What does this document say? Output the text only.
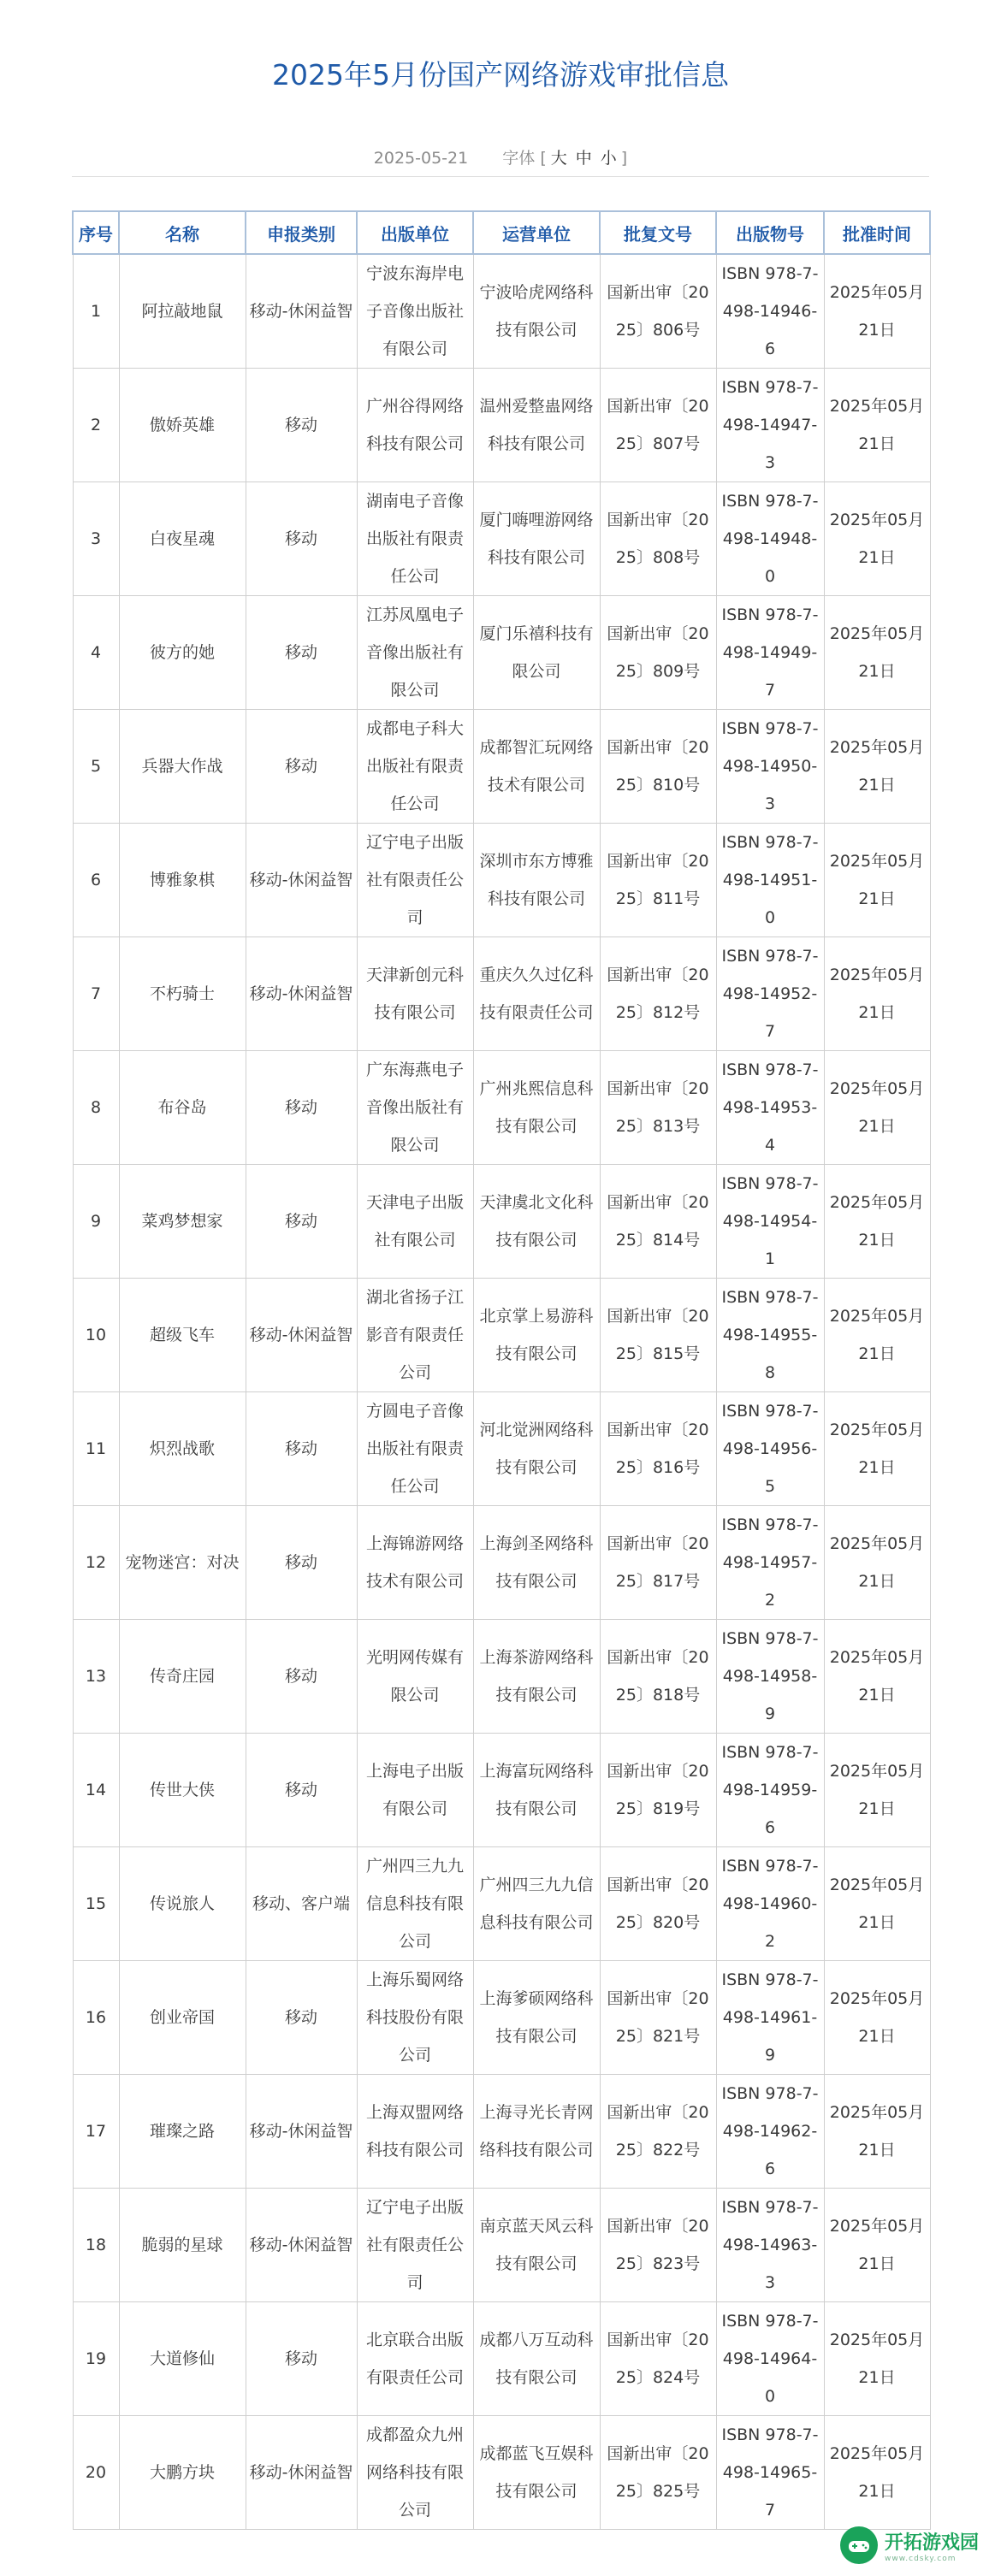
2025年5月份国产网络游戏审批信息
2025-05-21 字体 [ 大 中 小 ]
序号	名称	申报类别	出版单位	运营单位	批复文号	出版物号	批准时间
1	阿拉敲地鼠	移动-休闲益智	宁波东海岸电子音像出版社有限公司	宁波哈虎网络科技有限公司	国新出审〔2025〕806号	ISBN 978-7-498-14946-6	2025年05月21日
2	傲娇英雄	移动	广州谷得网络科技有限公司	温州爱整蛊网络科技有限公司	国新出审〔2025〕807号	ISBN 978-7-498-14947-3	2025年05月21日
3	白夜星魂	移动	湖南电子音像出版社有限责任公司	厦门嗨哩游网络科技有限公司	国新出审〔2025〕808号	ISBN 978-7-498-14948-0	2025年05月21日
4	彼方的她	移动	江苏凤凰电子音像出版社有限公司	厦门乐禧科技有限公司	国新出审〔2025〕809号	ISBN 978-7-498-14949-7	2025年05月21日
5	兵器大作战	移动	成都电子科大出版社有限责任公司	成都智汇玩网络技术有限公司	国新出审〔2025〕810号	ISBN 978-7-498-14950-3	2025年05月21日
6	博雅象棋	移动-休闲益智	辽宁电子出版社有限责任公司	深圳市东方博雅科技有限公司	国新出审〔2025〕811号	ISBN 978-7-498-14951-0	2025年05月21日
7	不朽骑士	移动-休闲益智	天津新创元科技有限公司	重庆久久过亿科技有限责任公司	国新出审〔2025〕812号	ISBN 978-7-498-14952-7	2025年05月21日
8	布谷岛	移动	广东海燕电子音像出版社有限公司	广州兆熙信息科技有限公司	国新出审〔2025〕813号	ISBN 978-7-498-14953-4	2025年05月21日
9	菜鸡梦想家	移动	天津电子出版社有限公司	天津虞北文化科技有限公司	国新出审〔2025〕814号	ISBN 978-7-498-14954-1	2025年05月21日
10	超级飞车	移动-休闲益智	湖北省扬子江影音有限责任公司	北京掌上易游科技有限公司	国新出审〔2025〕815号	ISBN 978-7-498-14955-8	2025年05月21日
11	炽烈战歌	移动	方圆电子音像出版社有限责任公司	河北觉洲网络科技有限公司	国新出审〔2025〕816号	ISBN 978-7-498-14956-5	2025年05月21日
12	宠物迷宫：对决	移动	上海锦游网络技术有限公司	上海剑圣网络科技有限公司	国新出审〔2025〕817号	ISBN 978-7-498-14957-2	2025年05月21日
13	传奇庄园	移动	光明网传媒有限公司	上海茶游网络科技有限公司	国新出审〔2025〕818号	ISBN 978-7-498-14958-9	2025年05月21日
14	传世大侠	移动	上海电子出版有限公司	上海富玩网络科技有限公司	国新出审〔2025〕819号	ISBN 978-7-498-14959-6	2025年05月21日
15	传说旅人	移动、客户端	广州四三九九信息科技有限公司	广州四三九九信息科技有限公司	国新出审〔2025〕820号	ISBN 978-7-498-14960-2	2025年05月21日
16	创业帝国	移动	上海乐蜀网络科技股份有限公司	上海爹硕网络科技有限公司	国新出审〔2025〕821号	ISBN 978-7-498-14961-9	2025年05月21日
17	璀璨之路	移动-休闲益智	上海双盟网络科技有限公司	上海寻光长青网络科技有限公司	国新出审〔2025〕822号	ISBN 978-7-498-14962-6	2025年05月21日
18	脆弱的星球	移动-休闲益智	辽宁电子出版社有限责任公司	南京蓝天风云科技有限公司	国新出审〔2025〕823号	ISBN 978-7-498-14963-3	2025年05月21日
19	大道修仙	移动	北京联合出版有限责任公司	成都八万互动科技有限公司	国新出审〔2025〕824号	ISBN 978-7-498-14964-0	2025年05月21日
20	大鹏方块	移动-休闲益智	成都盈众九州网络科技有限公司	成都蓝飞互娱科技有限公司	国新出审〔2025〕825号	ISBN 978-7-498-14965-7	2025年05月21日
开拓游戏园
www.cdsky.com
